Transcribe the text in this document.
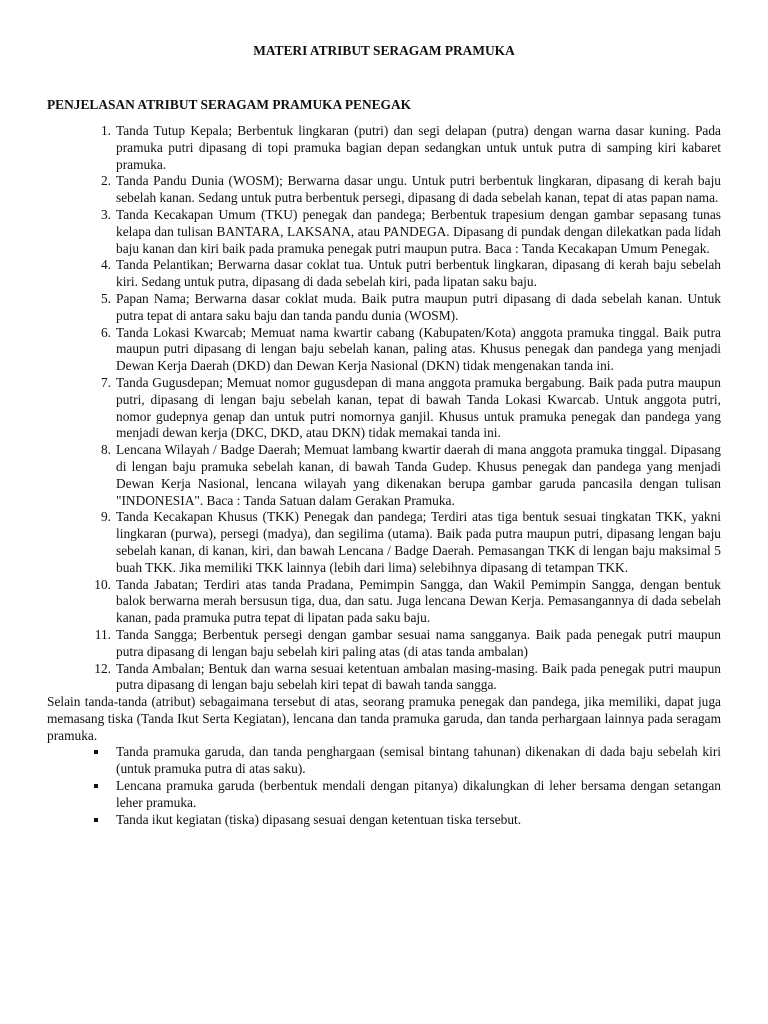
MATERI ATRIBUT SERAGAM PRAMUKA
PENJELASAN ATRIBUT SERAGAM PRAMUKA PENEGAK
1. Tanda Tutup Kepala; Berbentuk lingkaran (putri) dan segi delapan (putra) dengan warna dasar kuning. Pada pramuka putri dipasang di topi pramuka bagian depan sedangkan untuk untuk putra di samping kiri kabaret pramuka.
2. Tanda Pandu Dunia (WOSM); Berwarna dasar ungu. Untuk putri berbentuk lingkaran, dipasang di kerah baju sebelah kanan. Sedang untuk putra berbentuk persegi, dipasang di dada sebelah kanan, tepat di atas papan nama.
3. Tanda Kecakapan Umum (TKU) penegak dan pandega; Berbentuk trapesium dengan gambar sepasang tunas kelapa dan tulisan BANTARA, LAKSANA, atau PANDEGA. Dipasang di pundak dengan dilekatkan pada lidah baju kanan dan kiri baik pada pramuka penegak putri maupun putra. Baca : Tanda Kecakapan Umum Penegak.
4. Tanda Pelantikan; Berwarna dasar coklat tua. Untuk putri berbentuk lingkaran, dipasang di kerah baju sebelah kiri. Sedang untuk putra, dipasang di dada sebelah kiri, pada lipatan saku baju.
5. Papan Nama; Berwarna dasar coklat muda. Baik putra maupun putri dipasang di dada sebelah kanan. Untuk putra tepat di antara saku baju dan tanda pandu dunia (WOSM).
6. Tanda Lokasi Kwarcab; Memuat nama kwartir cabang (Kabupaten/Kota) anggota pramuka tinggal. Baik putra maupun putri dipasang di lengan baju sebelah kanan, paling atas. Khusus penegak dan pandega yang menjadi Dewan Kerja Daerah (DKD) dan Dewan Kerja Nasional (DKN) tidak mengenakan tanda ini.
7. Tanda Gugusdepan; Memuat nomor gugusdepan di mana anggota pramuka bergabung. Baik pada putra maupun putri, dipasang di lengan baju sebelah kanan, tepat di bawah Tanda Lokasi Kwarcab. Untuk anggota putri, nomor gudepnya genap dan untuk putri nomornya ganjil. Khusus untuk pramuka penegak dan pandega yang menjadi dewan kerja (DKC, DKD, atau DKN) tidak memakai tanda ini.
8. Lencana Wilayah / Badge Daerah; Memuat lambang kwartir daerah di mana anggota pramuka tinggal. Dipasang di lengan baju pramuka sebelah kanan, di bawah Tanda Gudep. Khusus penegak dan pandega yang menjadi Dewan Kerja Nasional, lencana wilayah yang dikenakan berupa gambar garuda pancasila dengan tulisan "INDONESIA". Baca : Tanda Satuan dalam Gerakan Pramuka.
9. Tanda Kecakapan Khusus (TKK) Penegak dan pandega; Terdiri atas tiga bentuk sesuai tingkatan TKK, yakni lingkaran (purwa), persegi (madya), dan segilima (utama). Baik pada putra maupun putri, dipasang lengan baju sebelah kanan, di kanan, kiri, dan bawah Lencana / Badge Daerah. Pemasangan TKK di lengan baju maksimal 5 buah TKK. Jika memiliki TKK lainnya (lebih dari lima) selebihnya dipasang di tetampan TKK.
10. Tanda Jabatan; Terdiri atas tanda Pradana, Pemimpin Sangga, dan Wakil Pemimpin Sangga, dengan bentuk balok berwarna merah bersusun tiga, dua, dan satu. Juga lencana Dewan Kerja. Pemasangannya di dada sebelah kanan, pada pramuka putra tepat di lipatan pada saku baju.
11. Tanda Sangga; Berbentuk persegi dengan gambar sesuai nama sangganya. Baik pada penegak putri maupun putra dipasang di lengan baju sebelah kiri paling atas (di atas tanda ambalan)
12. Tanda Ambalan; Bentuk dan warna sesuai ketentuan ambalan masing-masing. Baik pada penegak putri maupun putra dipasang di lengan baju sebelah kiri tepat di bawah tanda sangga.

Selain tanda-tanda (atribut) sebagaimana tersebut di atas, seorang pramuka penegak dan pandega, jika memiliki, dapat juga memasang tiska (Tanda Ikut Serta Kegiatan), lencana dan tanda pramuka garuda, dan tanda perhargaan lainnya pada seragam pramuka.

Tanda pramuka garuda, dan tanda penghargaan (semisal bintang tahunan) dikenakan di dada baju sebelah kiri (untuk pramuka putra di atas saku).
Lencana pramuka garuda (berbentuk mendali dengan pitanya) dikalungkan di leher bersama dengan setangan leher pramuka.
Tanda ikut kegiatan (tiska) dipasang sesuai dengan ketentuan tiska tersebut.
